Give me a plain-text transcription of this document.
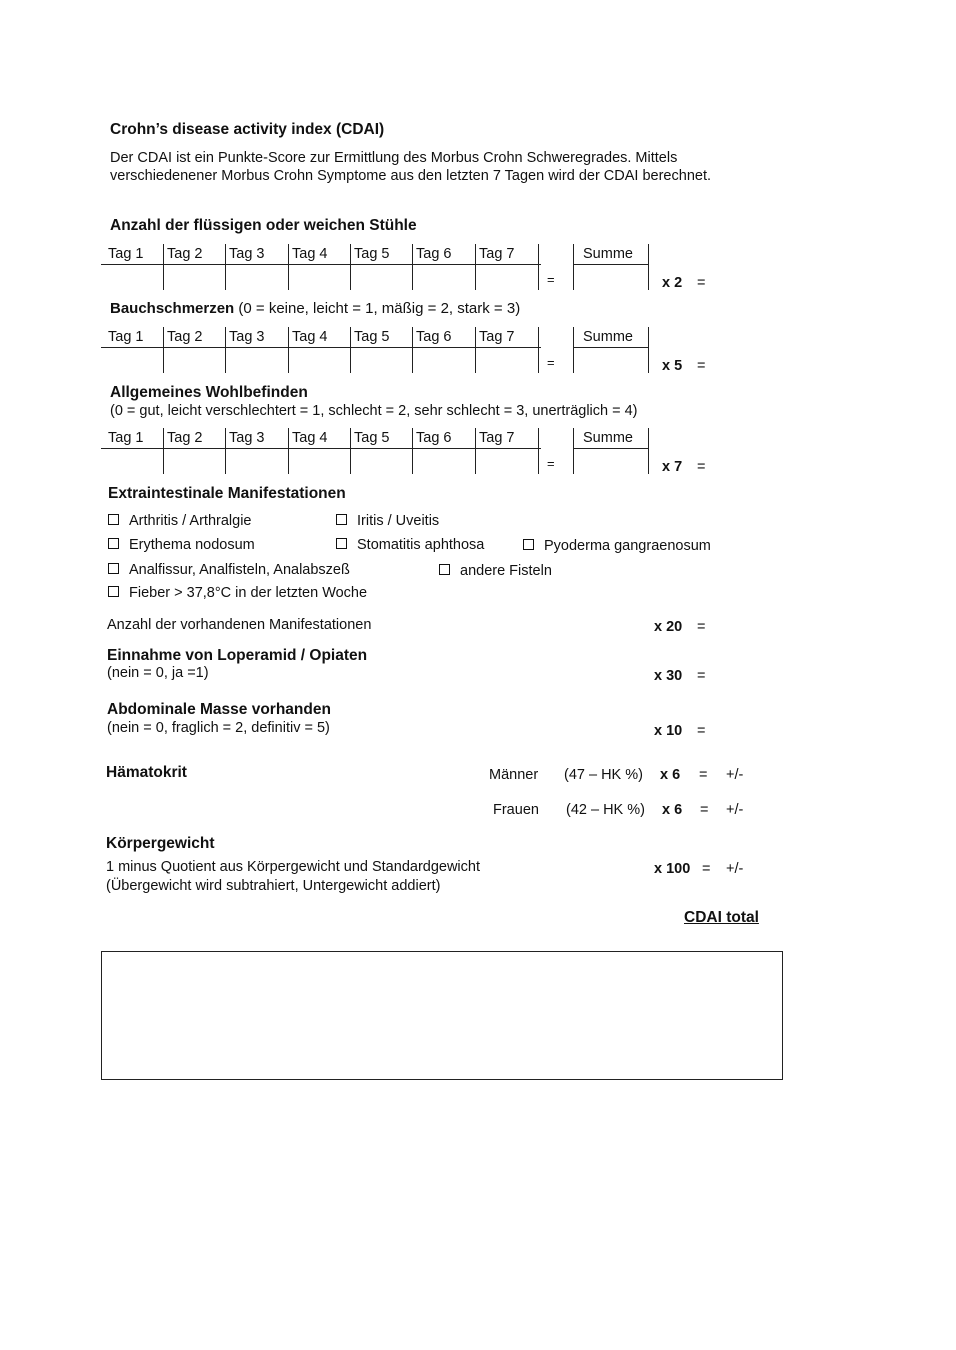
Crohn’s disease activity index (CDAI)
Der CDAI ist ein Punkte-Score zur Ermittlung des Morbus Crohn Schweregrades. Mittels verschiedenener Morbus Crohn Symptome aus den letzten 7 Tagen wird der CDAI berechnet.
Anzahl der flüssigen oder weichen Stühle
Tag 1 Tag 2 Tag 3 Tag 4 Tag 5 Tag 6 Tag 7
=
Summe
x 2 =
Bauchschmerzen (0 = keine, leicht = 1, mäßig = 2, stark = 3)
Tag 1 Tag 2 Tag 3 Tag 4 Tag 5 Tag 6 Tag 7
=
Summe
x 5 =
Allgemeines Wohlbefinden
(0 = gut, leicht verschlechtert = 1, schlecht = 2, sehr schlecht = 3, unerträglich = 4)
Tag 1 Tag 2 Tag 3 Tag 4 Tag 5 Tag 6 Tag 7
=
Summe
x 7 =
Extraintestinale Manifestationen
Arthritis / Arthralgie	Iritis / Uveitis
Erythema nodosum	Stomatitis aphthosa	Pyoderma gangraenosum
Analfissur, Analfisteln, Analabszeß	andere Fisteln
Fieber > 37,8°C in der letzten Woche
Anzahl der vorhandenen Manifestationen	x 20 =
Einnahme von Loperamid / Opiaten
(nein = 0, ja =1)	x 30 =
Abdominale Masse vorhanden
(nein = 0, fraglich = 2, definitiv = 5)	x 10 =
Hämatokrit	Männer (47 – HK %) x 6 = +/-
Frauen (42 – HK %) x 6 = +/-
Körpergewicht
1 minus Quotient aus Körpergewicht und Standardgewicht
(Übergewicht wird subtrahiert, Untergewicht addiert)
x 100 = +/-
CDAI total
